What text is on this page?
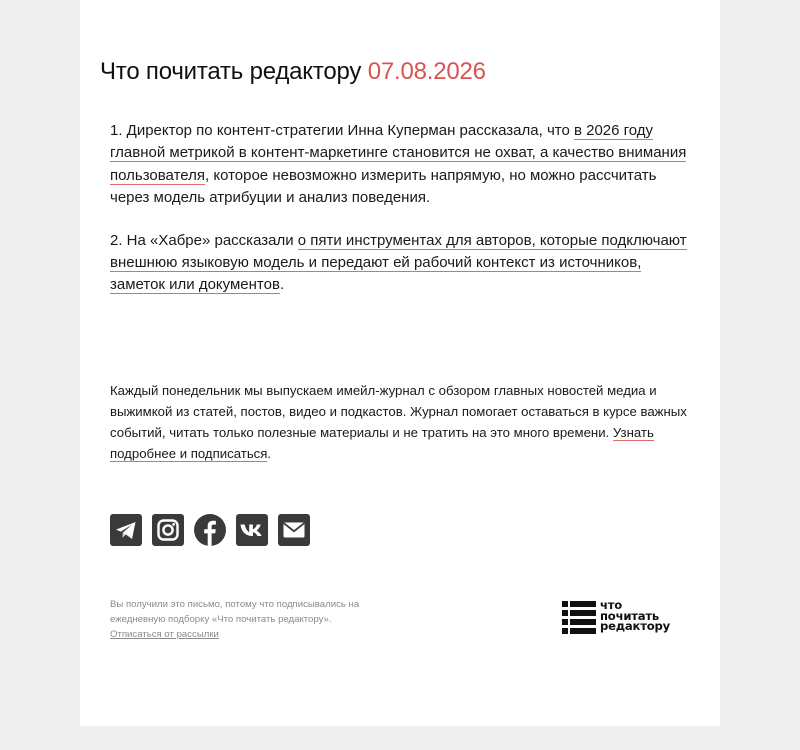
Что почитать редактору 07.08.2026

1. Директор по контент-стратегии Инна Куперман рассказала, что в 2026 году главной метрикой в контент-маркетинге становится не охват, а качество внимания пользователя, которое невозможно измерить напрямую, но можно рассчитать через модель атрибуции и анализ поведения.

2. На «Хабре» рассказали о пяти инструментах для авторов, которые подключают внешнюю языковую модель и передают ей рабочий контекст из источников, заметок или документов.

Каждый понедельник мы выпускаем имейл-журнал с обзором главных новостей медиа и выжимкой из статей, постов, видео и подкастов. Журнал помогает оставаться в курсе важных событий, читать только полезные материалы и не тратить на это много времени. Узнать подробнее и подписаться.

Вы получили это письмо, потому что подписывались на ежедневную подборку «Что почитать редактору».
Отписаться от рассылки
что
почитать
редактору
